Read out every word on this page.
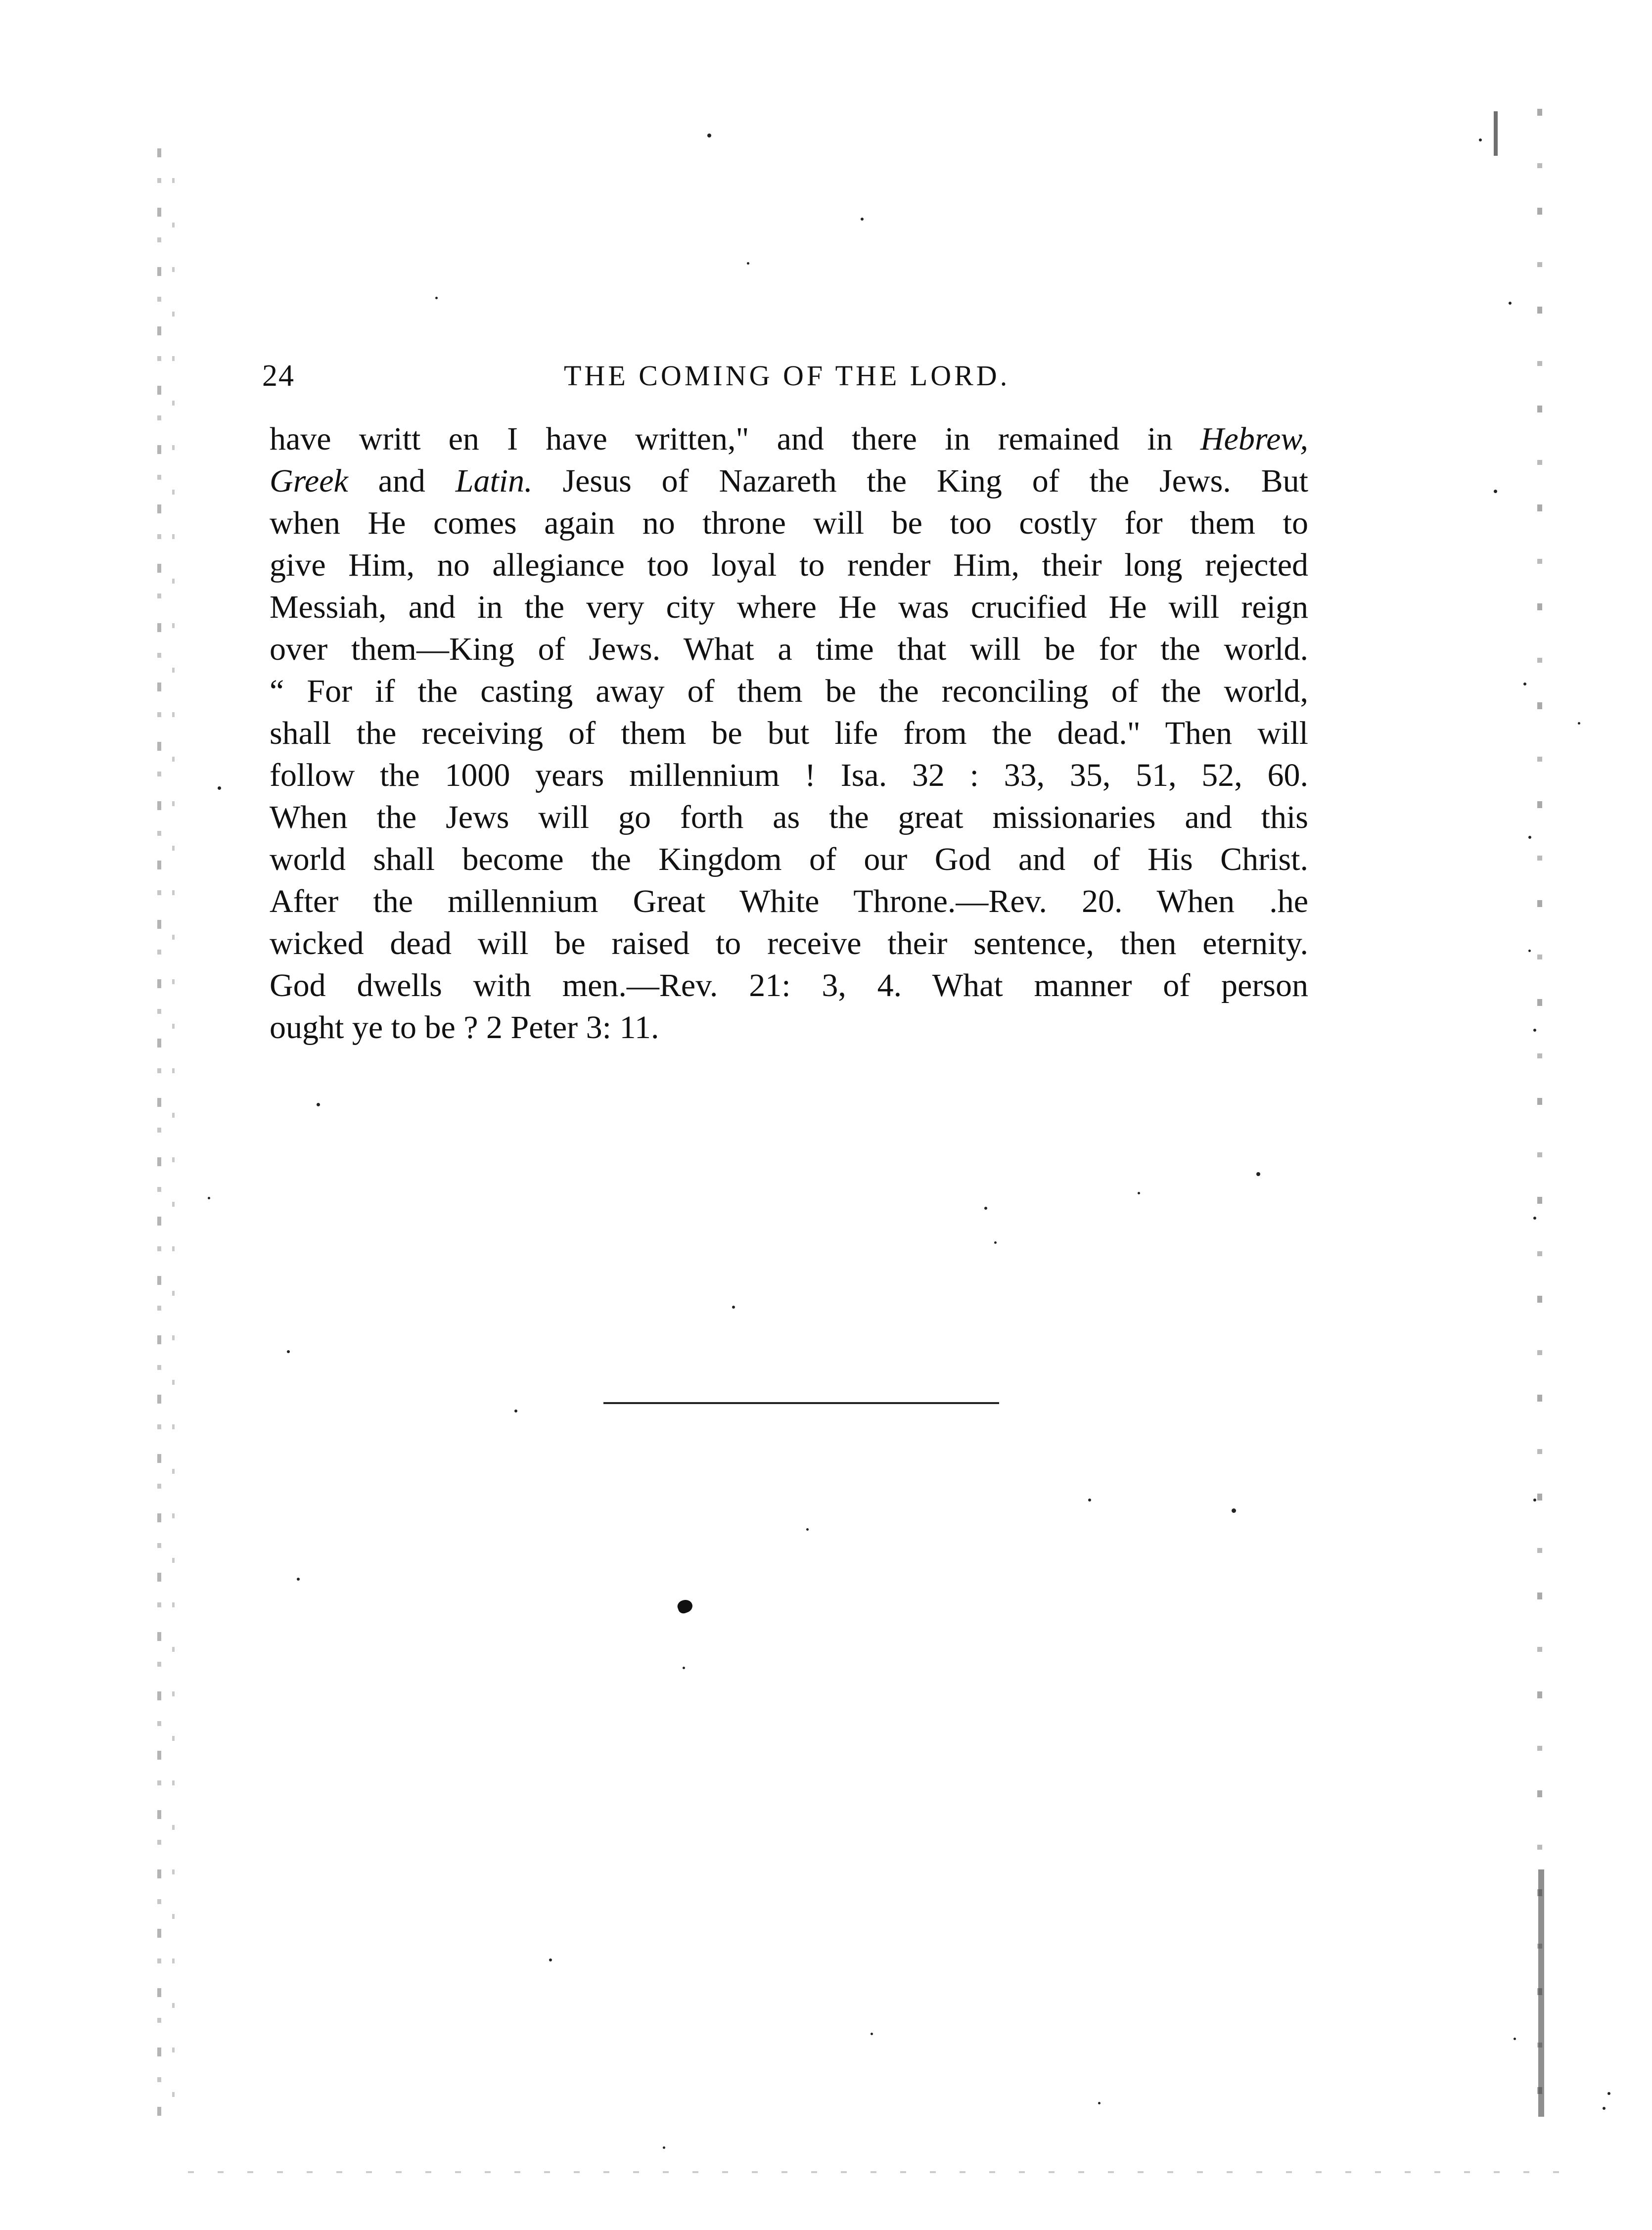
24	THE COMING OF THE LORD.
have writt en I have written," and there in remained in Hebrew,
Greek and Latin. Jesus of Nazareth the King of the Jews. But
when He comes again no throne will be too costly for them to
give Him, no allegiance too loyal to render Him, their long rejected
Messiah, and in the very city where He was crucified He will reign
over them—King of Jews. What a time that will be for the world.
“ For if the casting away of them be the reconciling of the world,
shall the receiving of them be but life from the dead." Then will
follow the 1000 years millennium ! Isa. 32 : 33, 35, 51, 52, 60.
When the Jews will go forth as the great missionaries and this
world shall become the Kingdom of our God and of His Christ.
After the millennium Great White Throne.—Rev. 20. When .he
wicked dead will be raised to receive their sentence, then eternity.
God dwells with men.—Rev. 21: 3, 4. What manner of person
ought ye to be ? 2 Peter 3: 11.
